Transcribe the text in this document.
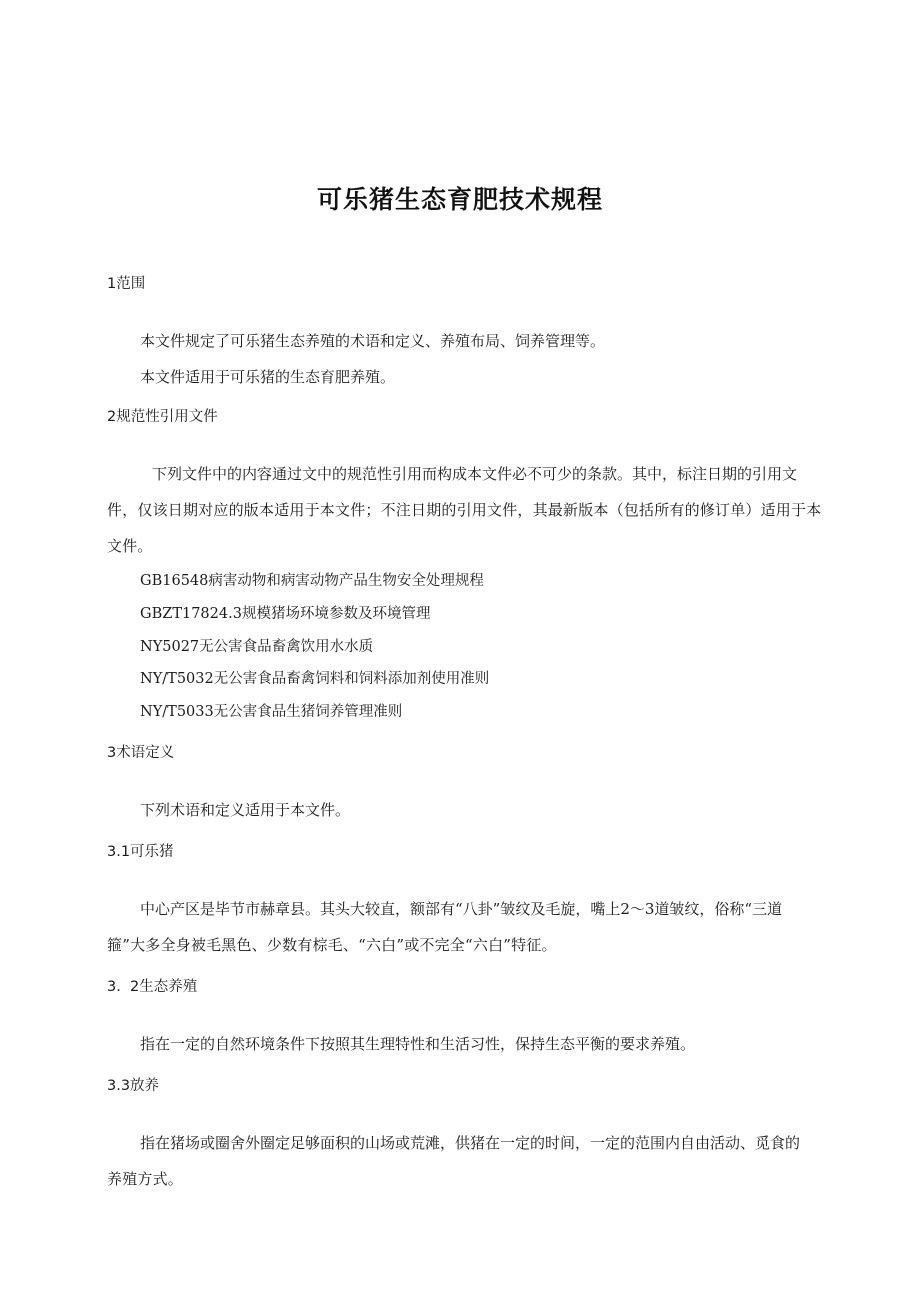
可乐猪生态育肥技术规程
1范围
本文件规定了可乐猪生态养殖的术语和定义、养殖布局、饲养管理等。
本文件适用于可乐猪的生态育肥养殖。
2规范性引用文件
下列文件中的内容通过文中的规范性引用而构成本文件必不可少的条款。其中，标注日期的引用文
件，仅该日期对应的版本适用于本文件；不注日期的引用文件，其最新版本（包括所有的修订单）适用于本
文件。
GB16548病害动物和病害动物产品生物安全处理规程
GBZT17824.3规模猪场环境参数及环境管理
NY5027无公害食品畜禽饮用水水质
NY/T5032无公害食品畜禽饲料和饲料添加剂使用准则
NY/T5033无公害食品生猪饲养管理准则
3术语定义
下列术语和定义适用于本文件。
3.1可乐猪
中心产区是毕节市赫章县。其头大较直，额部有“八卦”皱纹及毛旋，嘴上2〜3道皱纹，俗称“三道
箍”大多全身被毛黑色、少数有棕毛、“六白”或不完全“六白”特征。
3.  2生态养殖
指在一定的自然环境条件下按照其生理特性和生活习性，保持生态平衡的要求养殖。
3.3放养
指在猪场或圈舍外圈定足够面积的山场或荒滩，供猪在一定的时间，一定的范围内自由活动、觅食的
养殖方式。
